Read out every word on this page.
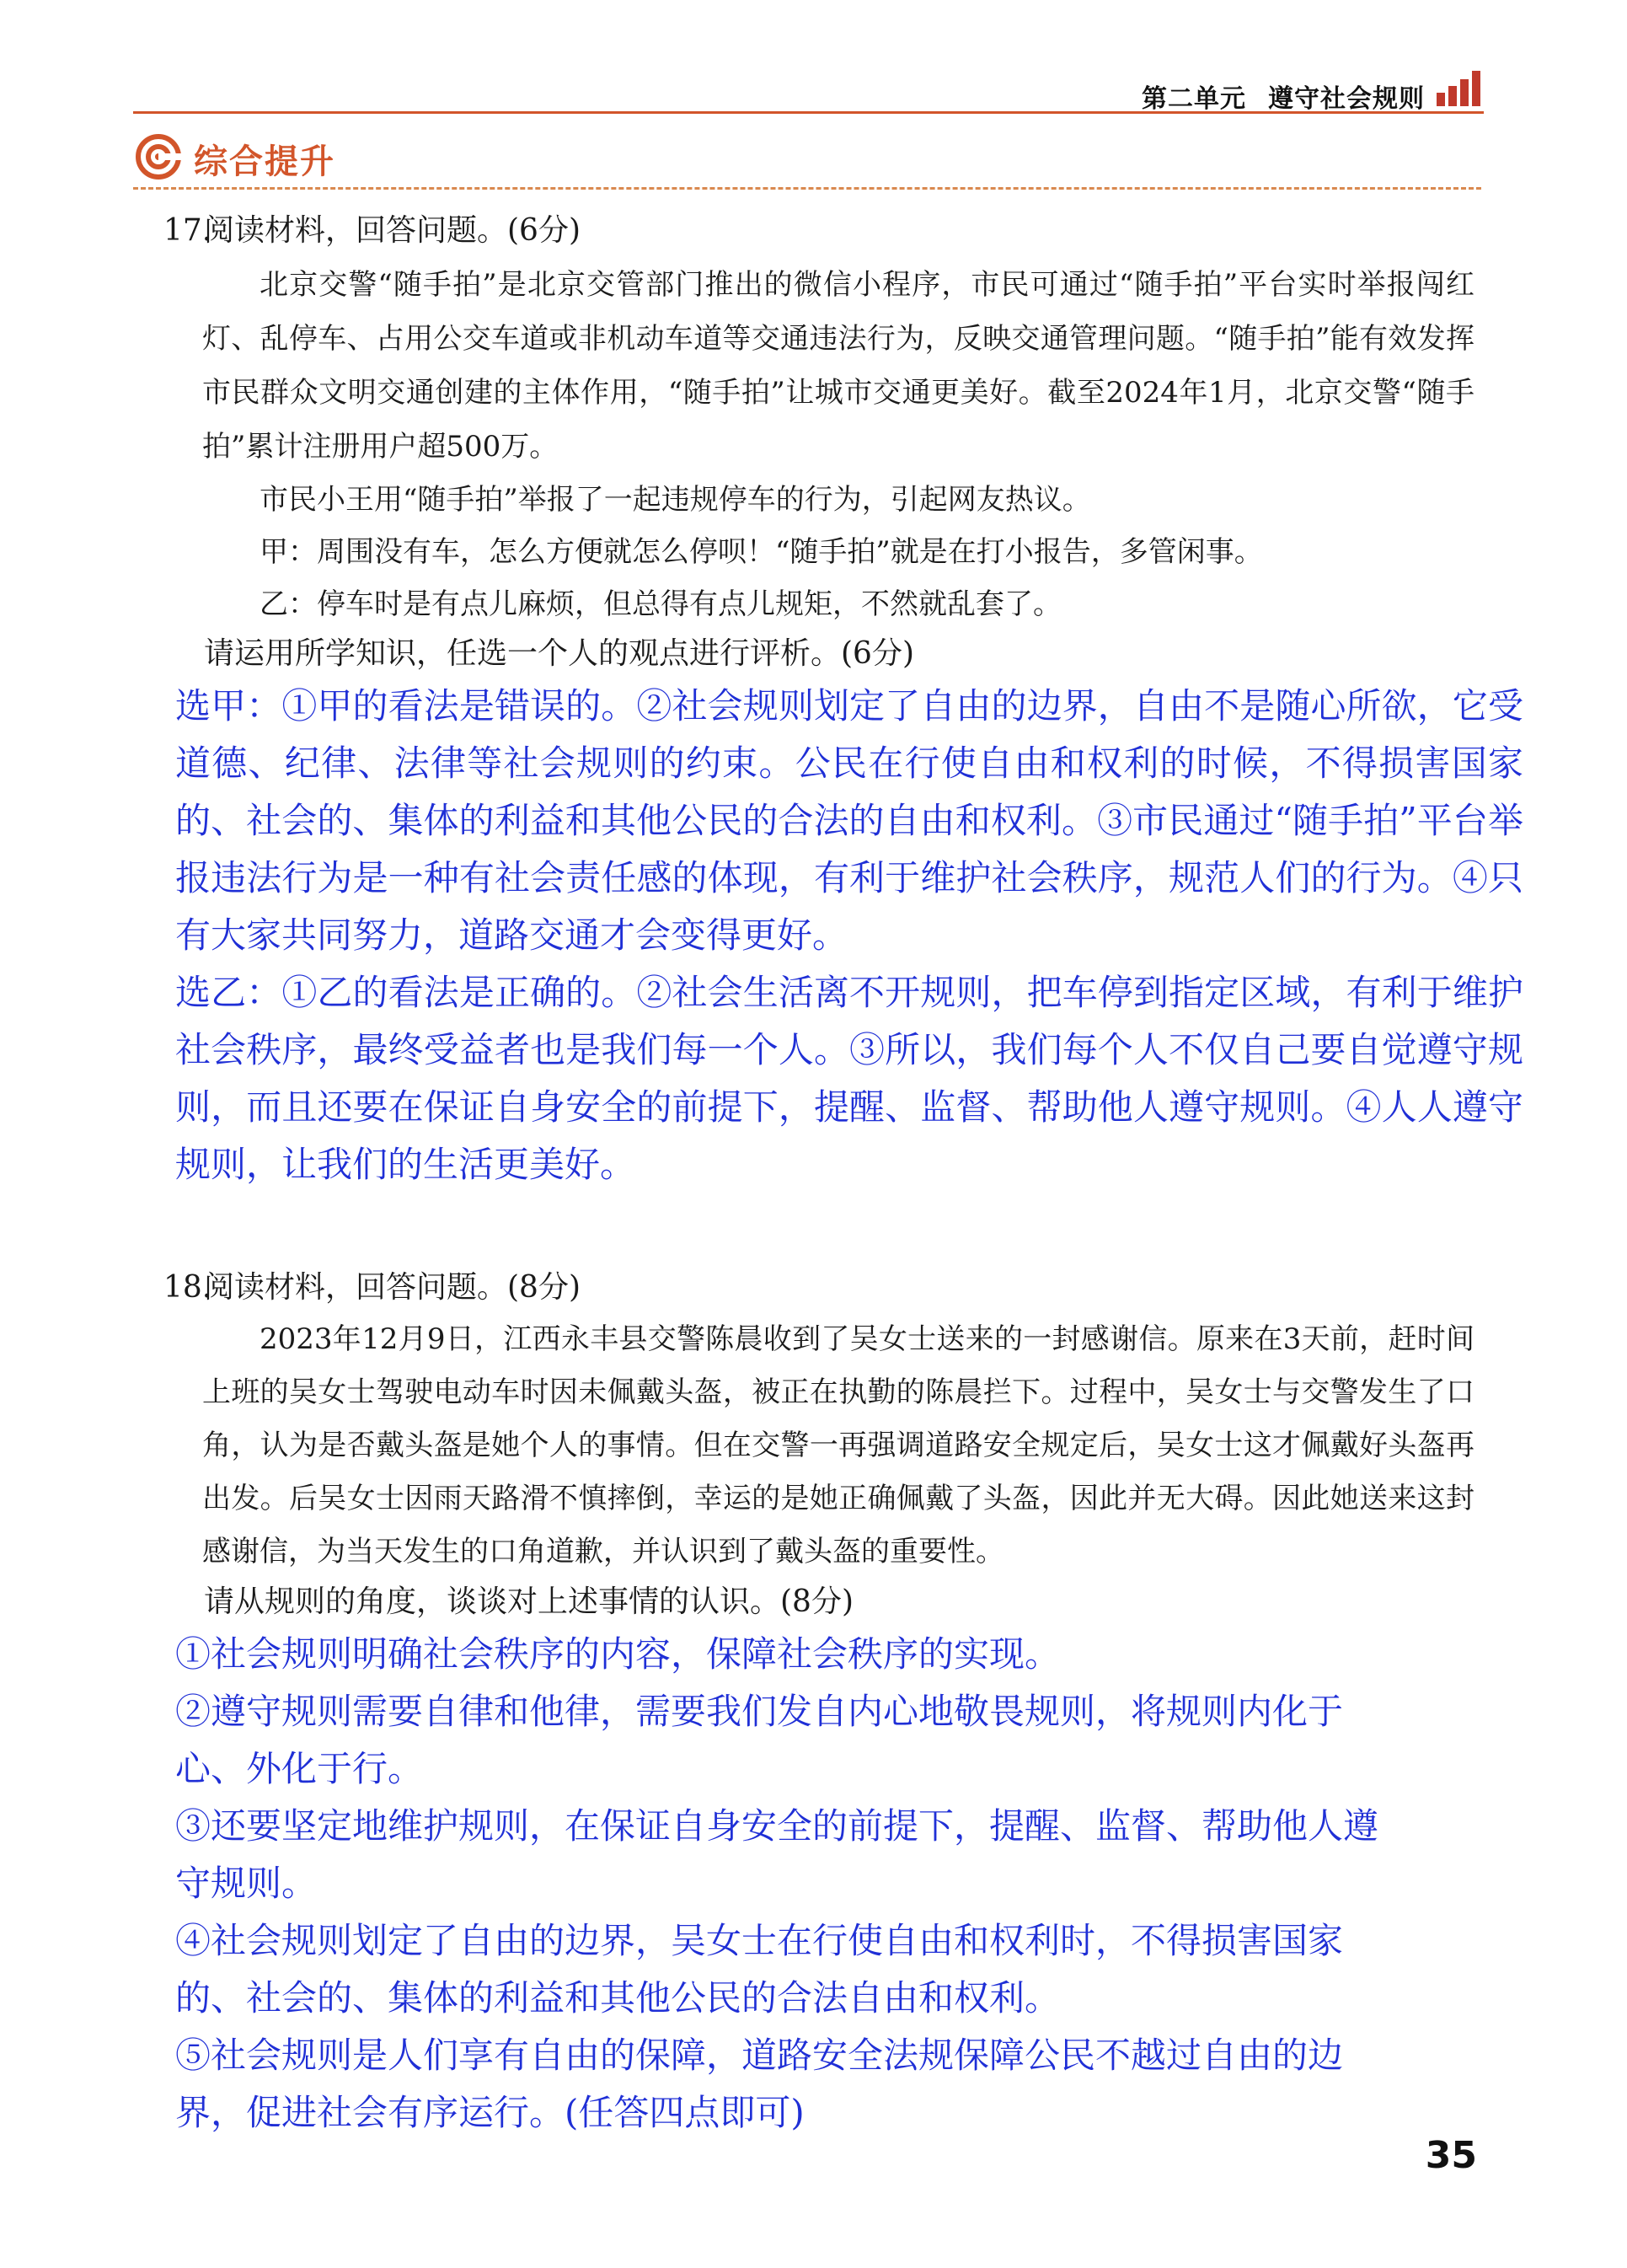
第二单元 遵守社会规则
综合提升
17.
阅读材料，回答问题。(6分)
北京交警“随手拍”是北京交管部门推出的微信小程序，市民可通过“随手拍”平台实时举报闯红灯、乱停车、占用公交车道或非机动车道等交通违法行为，反映交通管理问题。“随手拍”能有效发挥市民群众文明交通创建的主体作用，“随手拍”让城市交通更美好。截至2024年1月，北京交警“随手拍”累计注册用户超500万。
市民小王用“随手拍”举报了一起违规停车的行为，引起网友热议。
甲：周围没有车，怎么方便就怎么停呗！“随手拍”就是在打小报告，多管闲事。
乙：停车时是有点儿麻烦，但总得有点儿规矩，不然就乱套了。
请运用所学知识，任选一个人的观点进行评析。(6分)
选甲：①甲的看法是错误的。②社会规则划定了自由的边界，自由不是随心所欲，它受道德、纪律、法律等社会规则的约束。公民在行使自由和权利的时候，不得损害国家的、社会的、集体的利益和其他公民的合法的自由和权利。③市民通过“随手拍”平台举报违法行为是一种有社会责任感的体现，有利于维护社会秩序，规范人们的行为。④只有大家共同努力，道路交通才会变得更好。
选乙：①乙的看法是正确的。②社会生活离不开规则，把车停到指定区域，有利于维护社会秩序，最终受益者也是我们每一个人。③所以，我们每个人不仅自己要自觉遵守规则，而且还要在保证自身安全的前提下，提醒、监督、帮助他人遵守规则。④人人遵守规则，让我们的生活更美好。
18.
阅读材料，回答问题。(8分)
2023年12月9日，江西永丰县交警陈晨收到了吴女士送来的一封感谢信。原来在3天前，赶时间上班的吴女士驾驶电动车时因未佩戴头盔，被正在执勤的陈晨拦下。过程中，吴女士与交警发生了口角，认为是否戴头盔是她个人的事情。但在交警一再强调道路安全规定后，吴女士这才佩戴好头盔再出发。后吴女士因雨天路滑不慎摔倒，幸运的是她正确佩戴了头盔，因此并无大碍。因此她送来这封感谢信，为当天发生的口角道歉，并认识到了戴头盔的重要性。
请从规则的角度，谈谈对上述事情的认识。(8分)
①社会规则明确社会秩序的内容，保障社会秩序的实现。
②遵守规则需要自律和他律，需要我们发自内心地敬畏规则，将规则内化于心、外化于行。
③还要坚定地维护规则，在保证自身安全的前提下，提醒、监督、帮助他人遵守规则。
④社会规则划定了自由的边界，吴女士在行使自由和权利时，不得损害国家的、社会的、集体的利益和其他公民的合法自由和权利。
⑤社会规则是人们享有自由的保障，道路安全法规保障公民不越过自由的边界，促进社会有序运行。(任答四点即可)
35
